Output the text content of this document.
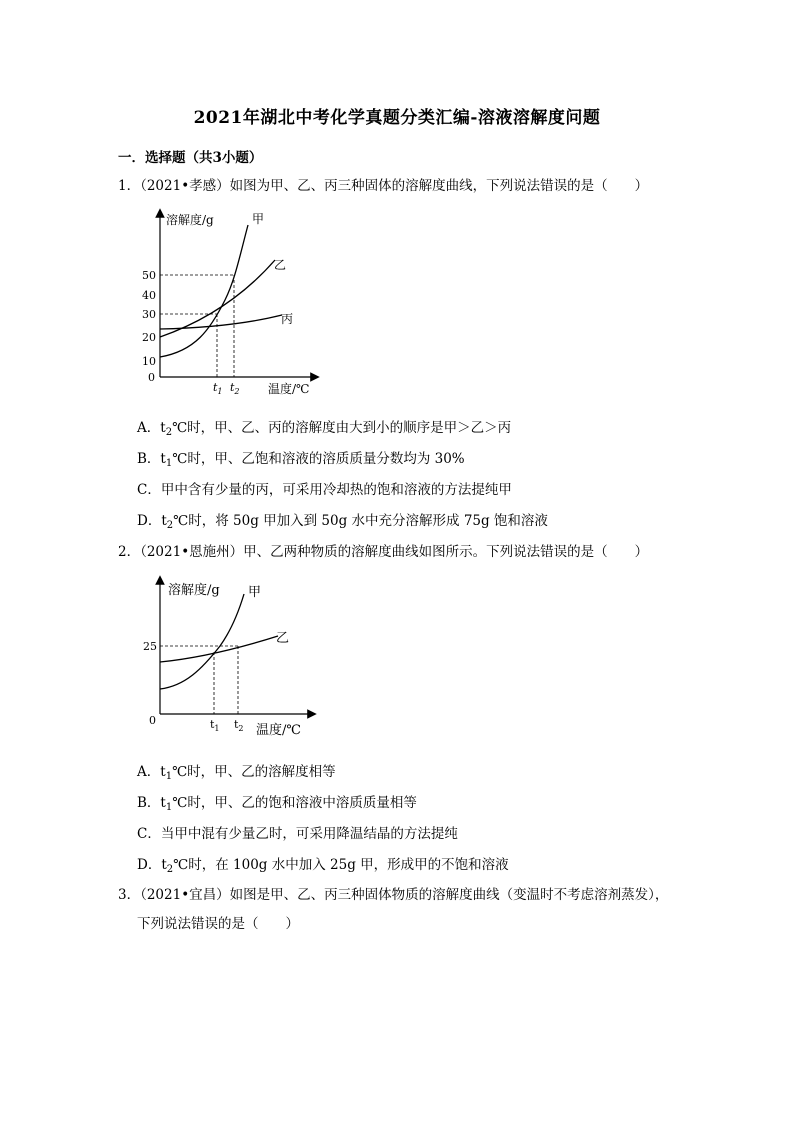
2021年湖北中考化学真题分类汇编-溶液溶解度问题
一．选择题（共3小题）
1．（2021•孝感）如图为甲、乙、丙三种固体的溶解度曲线，下列说法错误的是（　　）
溶解度/g
温度/℃
50
40
30
20
10
0
甲
乙
丙
$t_1$ $t_2$
A．$t_2℃$时，甲、乙、丙的溶解度由大到小的顺序是甲＞乙＞丙
B．$t_1℃$时，甲、乙饱和溶液的溶质质量分数均为 30%
C．甲中含有少量的丙，可采用冷却热的饱和溶液的方法提纯甲
D．$t_2℃$时，将 50g 甲加入到 50g 水中充分溶解形成 75g 饱和溶液
2．（2021•恩施州）甲、乙两种物质的溶解度曲线如图所示。下列说法错误的是（　　）
溶解度/g
温度/℃
25
0
甲
乙
$t_1$ $t_2$
A．$t_1℃$时，甲、乙的溶解度相等
B．$t_1℃$时，甲、乙的饱和溶液中溶质质量相等
C．当甲中混有少量乙时，可采用降温结晶的方法提纯
D．$t_2℃$时，在 100g 水中加入 25g 甲，形成甲的不饱和溶液
3．（2021•宜昌）如图是甲、乙、丙三种固体物质的溶解度曲线（变温时不考虑溶剂蒸发），
下列说法错误的是（　　）
